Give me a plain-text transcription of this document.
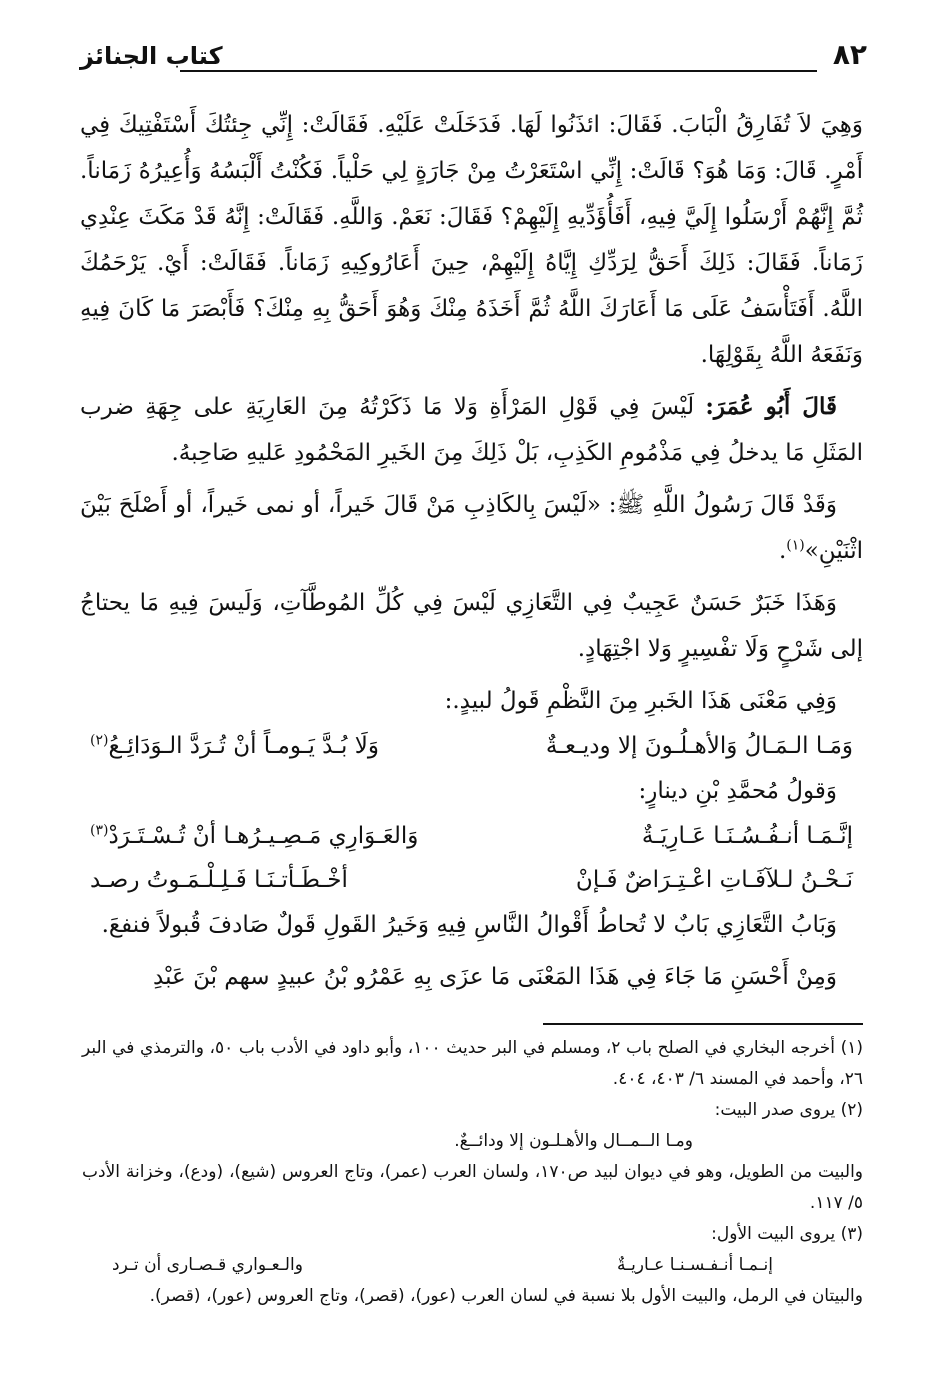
٨٢
كتاب الجنائز

وَهِيَ لاَ تُفَارِقُ الْبَابَ. فَقَالَ: ائذَنُوا لَهَا. فَدَخَلَتْ عَلَيْهِ. فَقَالَتْ: إِنِّي جِئتُكَ أَسْتَفْتِيكَ فِي أَمْرٍ. قَالَ: وَمَا هُوَ؟ قَالَتْ: إِنِّي اسْتَعَرْتُ مِنْ جَارَةٍ لِي حَلْياً. فَكُنْتُ أَلْبَسُهُ وَأُعِيرُهُ زَمَاناً. ثُمَّ إِنَّهُمْ أَرْسَلُوا إِلَيَّ فِيهِ، أَفَأُؤَدِّيهِ إِلَيْهِمْ؟ فَقَالَ: نَعَمْ. وَاللَّهِ. فَقَالَتْ: إِنَّهُ قَدْ مَكَثَ عِنْدِي زَمَاناً. فَقَالَ: ذَلِكَ أَحَقُّ لِرَدِّكِ إِيَّاهُ إِلَيْهِمْ، حِينَ أَعَارُوكِيهِ زَمَاناً. فَقَالَتْ: أَيْ. يَرْحَمُكَ اللَّهُ. أَفَتَأْسَفُ عَلَى مَا أَعَارَكَ اللَّهُ ثُمَّ أَخَذَهُ مِنْكَ وَهُوَ أَحَقُّ بِهِ مِنْكَ؟ فَأَبْصَرَ مَا كَانَ فِيهِ وَنَفَعَهُ اللَّهُ بِقَوْلِهَا.

قَالَ أَبُو عُمَرَ: لَيْسَ فِي قَوْلِ المَرْأَةِ وَلا مَا ذَكَرْتُهُ مِنَ العَارِيَةِ على جِهَةِ ضرب المَثَلِ مَا يدخلُ فِي مَذْمُومِ الكَذِبِ، بَلْ ذَلِكَ مِنَ الخَيرِ المَحْمُودِ عَليهِ صَاحِبهُ.

وَقَدْ قَالَ رَسُولُ اللَّهِ ﷺ: «لَيْسَ بِالكَاذِبِ مَنْ قَالَ خَيراً، أو نمى خَيراً، أو أَصْلَحَ بَيْنَ اثْنَيْنِ»$^{(١)}$.

وَهَذَا خَبَرٌ حَسَنٌ عَجِيبٌ فِي التَّعَازِي لَيْسَ فِي كُلِّ المُوطَّآتِ، وَلَيسَ فِيهِ مَا يحتاجُ إلى شَرْحٍ وَلَا تفْسِيرٍ وَلا اجْتِهَادٍ.

وَفِي مَعْنَى هَذَا الخَبرِ مِنَ النَّظْمِ قَولُ لبيدٍ.:

وَمَـا الـمَـالُ وَالأهـلُـونَ إلا وديـعـةٌ
وَلَا بُـدَّ يَـومـاً أنْ تُـرَدَّ الـوَدَائِـعُ$^{(٢)}$

وَقولُ مُحمَّدِ بْنِ دينارٍ:

إنَّـمَـا أنـفُـسُـنَـا عَـارِيَـةٌ
وَالعَـوَارِي مَـصِـيـرُهـا أنْ تُـسْـتَـرَدْ$^{(٣)}$
نَـحْـنُ لـلآفَـاتِ اعْـتِـرَاضٌ فَـإنْ
أخْـطَـأتـنَـا فَـلِـلْـمَـوتُ رصـد

وَبَابُ التَّعَازِي بَابٌ لا تُحاطُ أَقْوالُ النَّاسِ فِيهِ وَخَيرُ القَولِ قَولٌ صَادفَ قُبولاً فنفعَ.

وَمِنْ أَحْسَنِ مَا جَاءَ فِي هَذَا المَعْنَى مَا عزَى بِهِ عَمْرُو بْنُ عبيدٍ سهم بْنَ عَبْدِ

(١) أخرجه البخاري في الصلح باب ٢، ومسلم في البر حديث ١٠٠، وأبو داود في الأدب باب ٥٠، والترمذي في البر ٢٦، وأحمد في المسند ٦/ ٤٠٣، ٤٠٤.

(٢) يروى صدر البيت:

ومـا الــمــال والأهـلـون إلا ودائــعٌ.

والبيت من الطويل، وهو في ديوان لبيد ص١٧٠، ولسان العرب (عمر)، وتاج العروس (شيع)، (ودع)، وخزانة الأدب ٥/ ١١٧.

(٣) يروى البيت الأول:

إنـمـا أنـفـسـنـا عـاريـةٌ
والـعـواري قـصـارى أن تـرد

والبيتان في الرمل، والبيت الأول بلا نسبة في لسان العرب (عور)، (قصر)، وتاج العروس (عور)، (قصر).
